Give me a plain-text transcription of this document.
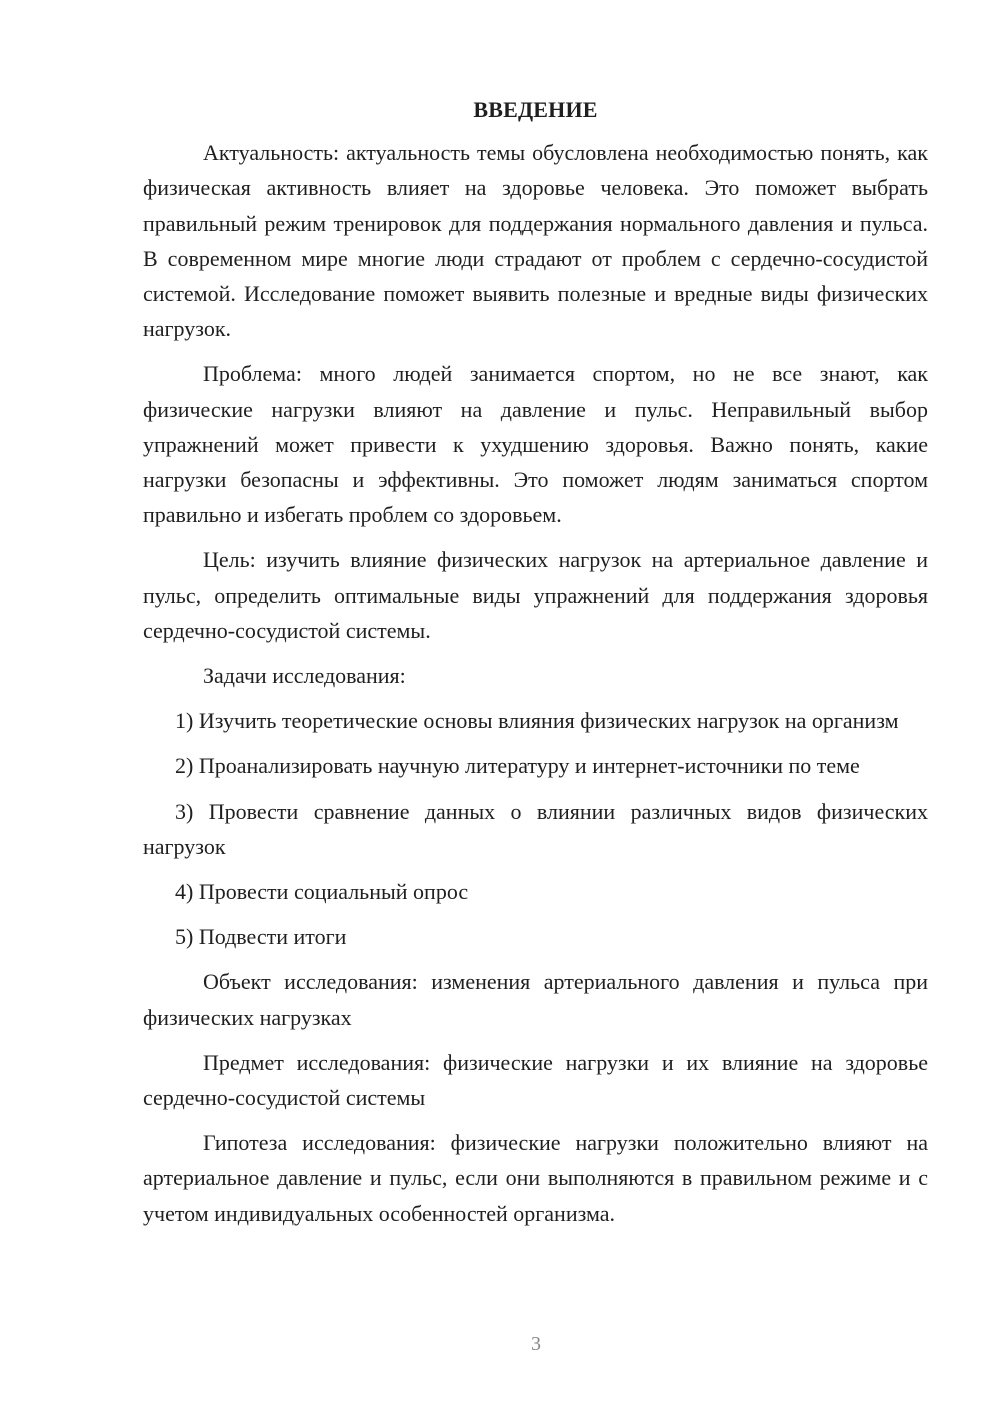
ВВЕДЕНИЕ

Актуальность: актуальность темы обусловлена необходимостью понять, как физическая активность влияет на здоровье человека. Это поможет выбрать правильный режим тренировок для поддержания нормального давления и пульса. В современном мире многие люди страдают от проблем с сердечно-сосудистой системой. Исследование поможет выявить полезные и вредные виды физических нагрузок.

Проблема: много людей занимается спортом, но не все знают, как физические нагрузки влияют на давление и пульс. Неправильный выбор упражнений может привести к ухудшению здоровья. Важно понять, какие нагрузки безопасны и эффективны. Это поможет людям заниматься спортом правильно и избегать проблем со здоровьем.

Цель: изучить влияние физических нагрузок на артериальное давление и пульс, определить оптимальные виды упражнений для поддержания здоровья сердечно-сосудистой системы.

Задачи исследования:

1) Изучить теоретические основы влияния физических нагрузок на организм

2) Проанализировать научную литературу и интернет-источники по теме

3) Провести сравнение данных о влиянии различных видов физических нагрузок

4) Провести социальный опрос

5) Подвести итоги

Объект исследования: изменения артериального давления и пульса при физических нагрузках

Предмет исследования: физические нагрузки и их влияние на здоровье сердечно-сосудистой системы

Гипотеза исследования: физические нагрузки положительно влияют на артериальное давление и пульс, если они выполняются в правильном режиме и с учетом индивидуальных особенностей организма.

3
